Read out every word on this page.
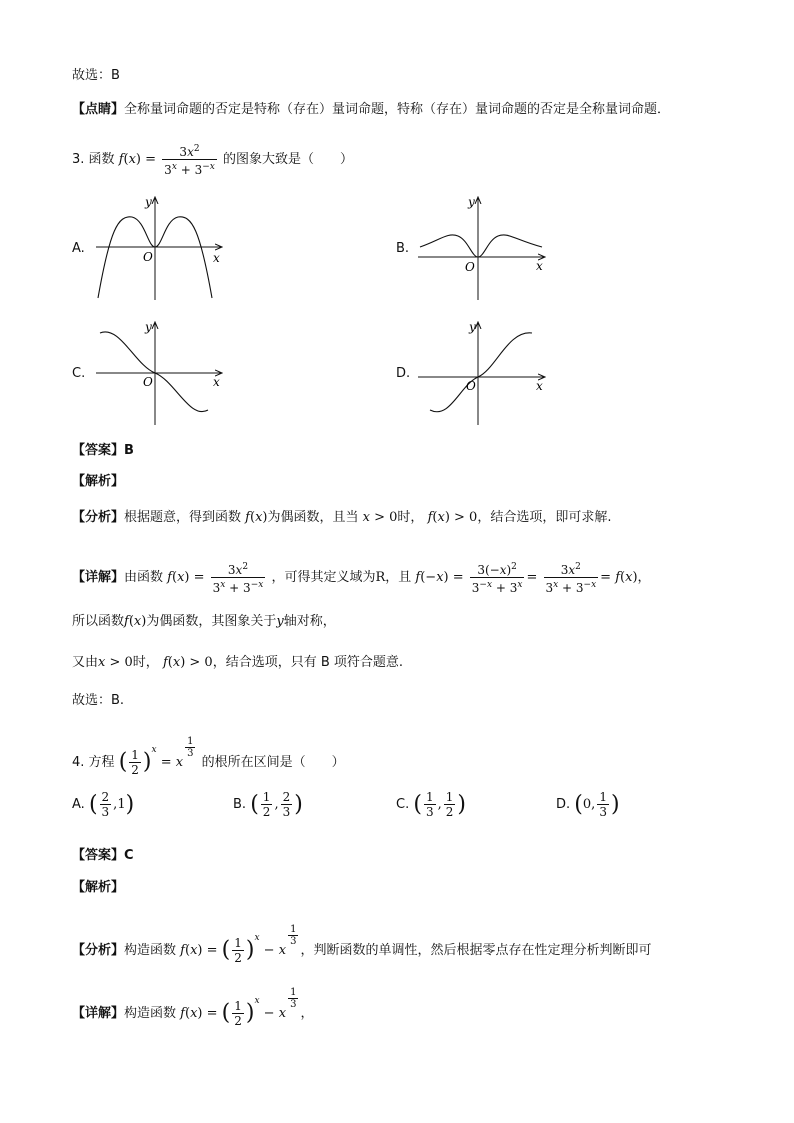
故选：B
【点睛】全称量词命题的否定是特称（存在）量词命题，特称（存在）量词命题的否定是全称量词命题．
3. 函数 $f(x) = \frac{3x^2}{3^x + 3^{-x}}$ 的图象大致是（　　）
A.	B.
C.	D.
O	x
y
O	x
y
O	x
y
O	x
y
【答案】B
【解析】
【分析】根据题意，得到函数 f(x)为偶函数，且当 x > 0时， f(x) > 0，结合选项，即可求解.
【详解】由函数 $f(x) = \frac{3x^2}{3^x + 3^{-x}}$ ，可得其定义域为R，且 $f(-x) = \frac{3(-x)^2}{3^{-x} + 3^x} = \frac{3x^2}{3^x + 3^{-x}} = f(x)$，
所以函数f(x)为偶函数，其图象关于y轴对称，
又由x > 0时， f(x) > 0，结合选项，只有 B 项符合题意.
故选：B.
4. 方程 ( $\frac{1}{2} )^x = x$
$\frac{1}{3}$
的根所在区间是（　　）
A. ( $\frac{2}{3} ,1$)	B. ( $\frac{1}{2}$ , $\frac{2}{3}$ )	C. ( $\frac{1}{3}$ , $\frac{1}{2}$ )	D. (0, $\frac{1}{3}$ )
【答案】C
【解析】
【分析】构造函数 f(x) = ( $\frac{1}{2} )^x - x$
$\frac{1}{3}$
，判断函数的单调性，然后根据零点存在性定理分析判断即可
【详解】构造函数 f(x) = ( $\frac{1}{2} )^x - x$
$\frac{1}{3}$
，
